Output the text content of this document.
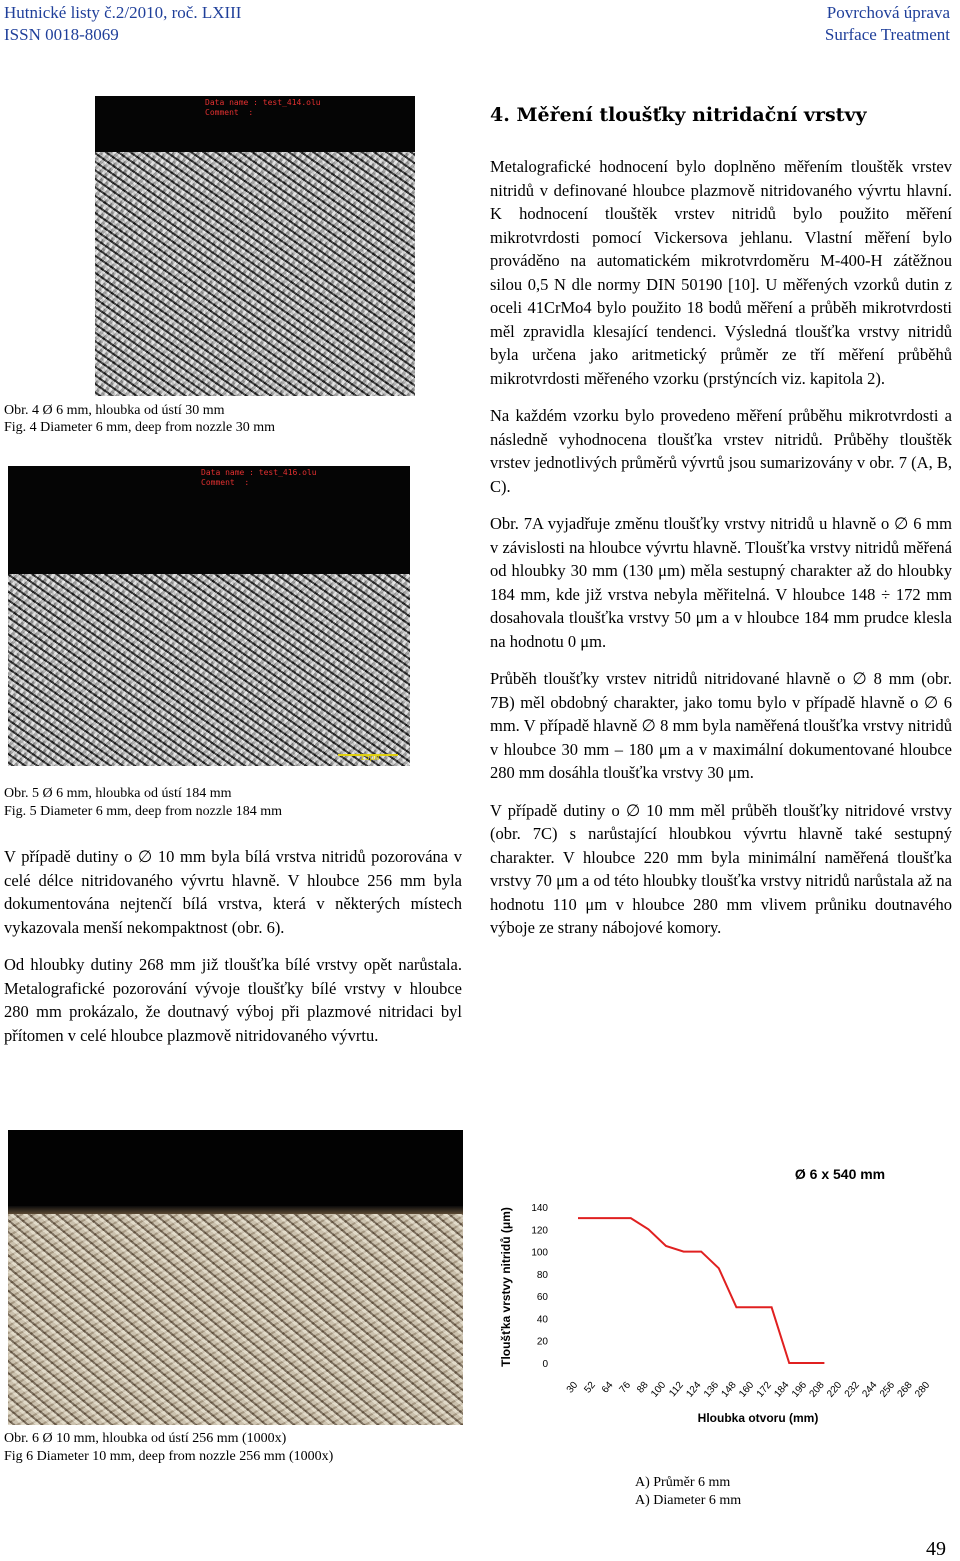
Hutnické listy č.2/2010, roč. LXIII
ISSN 0018-8069
Povrchová úprava
Surface Treatment
Data name : test_414.olu
Comment  :
Obr. 4 Ø 6 mm, hloubka od ústí 30 mm
Fig. 4 Diameter 6 mm, deep from nozzle 30 mm
Data name : test_416.olu
Comment  :
15μm
Obr. 5 Ø 6 mm, hloubka od ústí 184 mm
Fig. 5 Diameter 6 mm, deep from nozzle 184 mm

V případě dutiny o ∅ 10 mm byla bílá vrstva nitridů pozorována v celé délce nitridovaného vývrtu hlavně. V hloubce 256 mm byla dokumentována nejtenčí bílá vrstva, která v některých místech vykazovala menší nekompaktnost (obr. 6).

Od hloubky dutiny 268 mm již tloušťka bílé vrstvy opět narůstala. Metalografické pozorování vývoje tloušťky bílé vrstvy v hloubce 280 mm prokázalo, že doutnavý výboj při plazmové nitridaci byl přítomen v celé hloubce plazmově nitridovaného vývrtu.

4. Měření tloušťky nitridační vrstvy

Metalografické hodnocení bylo doplněno měřením tlouštěk vrstev nitridů v definované hloubce plazmově nitridovaného vývrtu hlavní. K hodnocení tlouštěk vrstev nitridů bylo použito měření mikrotvrdosti pomocí Vickersova jehlanu. Vlastní měření bylo prováděno na automatickém mikrotvrdoměru M-400-H zátěžnou silou 0,5 N dle normy DIN 50190 [10]. U měřených vzorků dutin z oceli 41CrMo4 bylo použito 18 bodů měření a průběh mikrotvrdosti měl zpravidla klesající tendenci. Výsledná tloušťka vrstvy nitridů byla určena jako aritmetický průměr ze tří měření průběhů mikrotvrdosti měřeného vzorku (prstýncích viz. kapitola 2).

Na každém vzorku bylo provedeno měření průběhu mikrotvrdosti a následně vyhodnocena tloušťka vrstev nitridů. Průběhy tlouštěk vrstev jednotlivých průměrů vývrtů jsou sumarizovány v obr. 7 (A, B, C).

Obr. 7A vyjadřuje změnu tloušťky vrstvy nitridů u hlavně o ∅ 6 mm v závislosti na hloubce vývrtu hlavně. Tloušťka vrstvy nitridů měřená od hloubky 30 mm (130 μm) měla sestupný charakter až do hloubky 184 mm, kde již vrstva nebyla měřitelná. V hloubce 148 ÷ 172 mm dosahovala tloušťka vrstvy 50 μm a v hloubce 184 mm prudce klesla na hodnotu 0 μm.

Průběh tloušťky vrstev nitridů nitridované hlavně o ∅ 8 mm (obr. 7B) měl obdobný charakter, jako tomu bylo v případě hlavně o ∅ 6 mm. V případě hlavně ∅ 8 mm byla naměřená tloušťka vrstvy nitridů v hloubce 30 mm – 180 μm a v maximální dokumentované hloubce 280 mm dosáhla tloušťka vrstvy 30 μm.

V případě dutiny o ∅ 10 mm měl průběh tloušťky nitridové vrstvy (obr. 7C) s narůstající hloubkou vývrtu hlavně také sestupný charakter. V hloubce 220 mm byla minimální naměřená tloušťka vrstvy 70 μm a od této hloubky tloušťka vrstvy nitridů narůstala až na hodnotu 110 μm v hloubce 280 mm vlivem průniku doutnavého výboje ze strany nábojové komory.

Obr. 6 Ø 10 mm, hloubka od ústí 256 mm (1000x)
Fig 6 Diameter 10 mm, deep from nozzle 256 mm (1000x)
Ø 6 x 540 mm
0
20
40
60
80
100
120
140
30 52 64 76 88
100
112
124
136
148
160
172
184
196
208
220
232
244
256
268
280
Tloušťka vrstvy nitridů (μm)
Hloubka otvoru (mm)
A) Průměr 6 mm
A) Diameter 6 mm
49
